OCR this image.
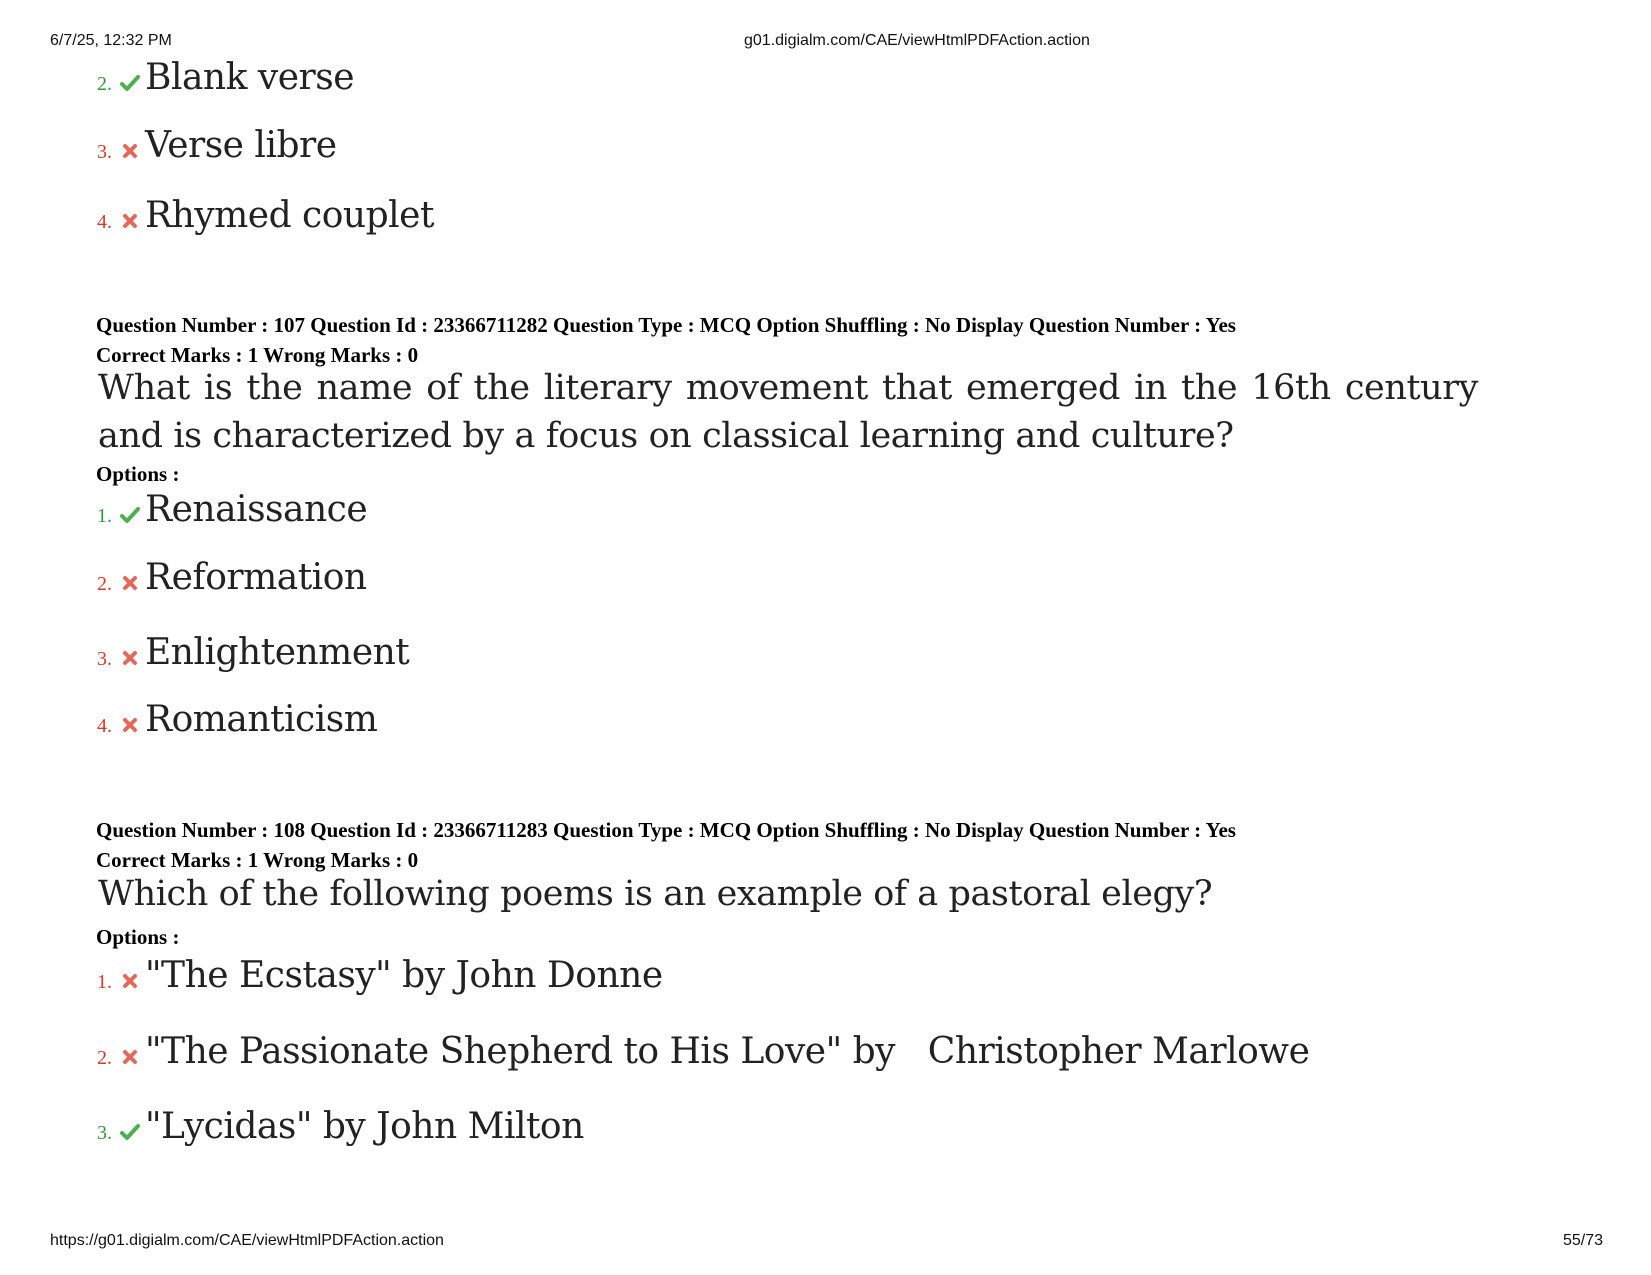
6/7/25, 12:32 PM	g01.digialm.com/CAE/viewHtmlPDFAction.action
2. Blank verse
3. Verse libre
4. Rhymed couplet
Question Number : 107 Question Id : 23366711282 Question Type : MCQ Option Shuffling : No Display Question Number : Yes
Correct Marks : 1 Wrong Marks : 0
What is the name of the literary movement that emerged in the 16th century and is characterized by a focus on classical learning and culture?
Options :
1. Renaissance
2. Reformation
3. Enlightenment
4. Romanticism
Question Number : 108 Question Id : 23366711283 Question Type : MCQ Option Shuffling : No Display Question Number : Yes
Correct Marks : 1 Wrong Marks : 0
Which of the following poems is an example of a pastoral elegy?
Options :
1. "The Ecstasy" by John Donne
2. "The Passionate Shepherd to His Love" by   Christopher Marlowe
3. "Lycidas" by John Milton
https://g01.digialm.com/CAE/viewHtmlPDFAction.action	55/73
